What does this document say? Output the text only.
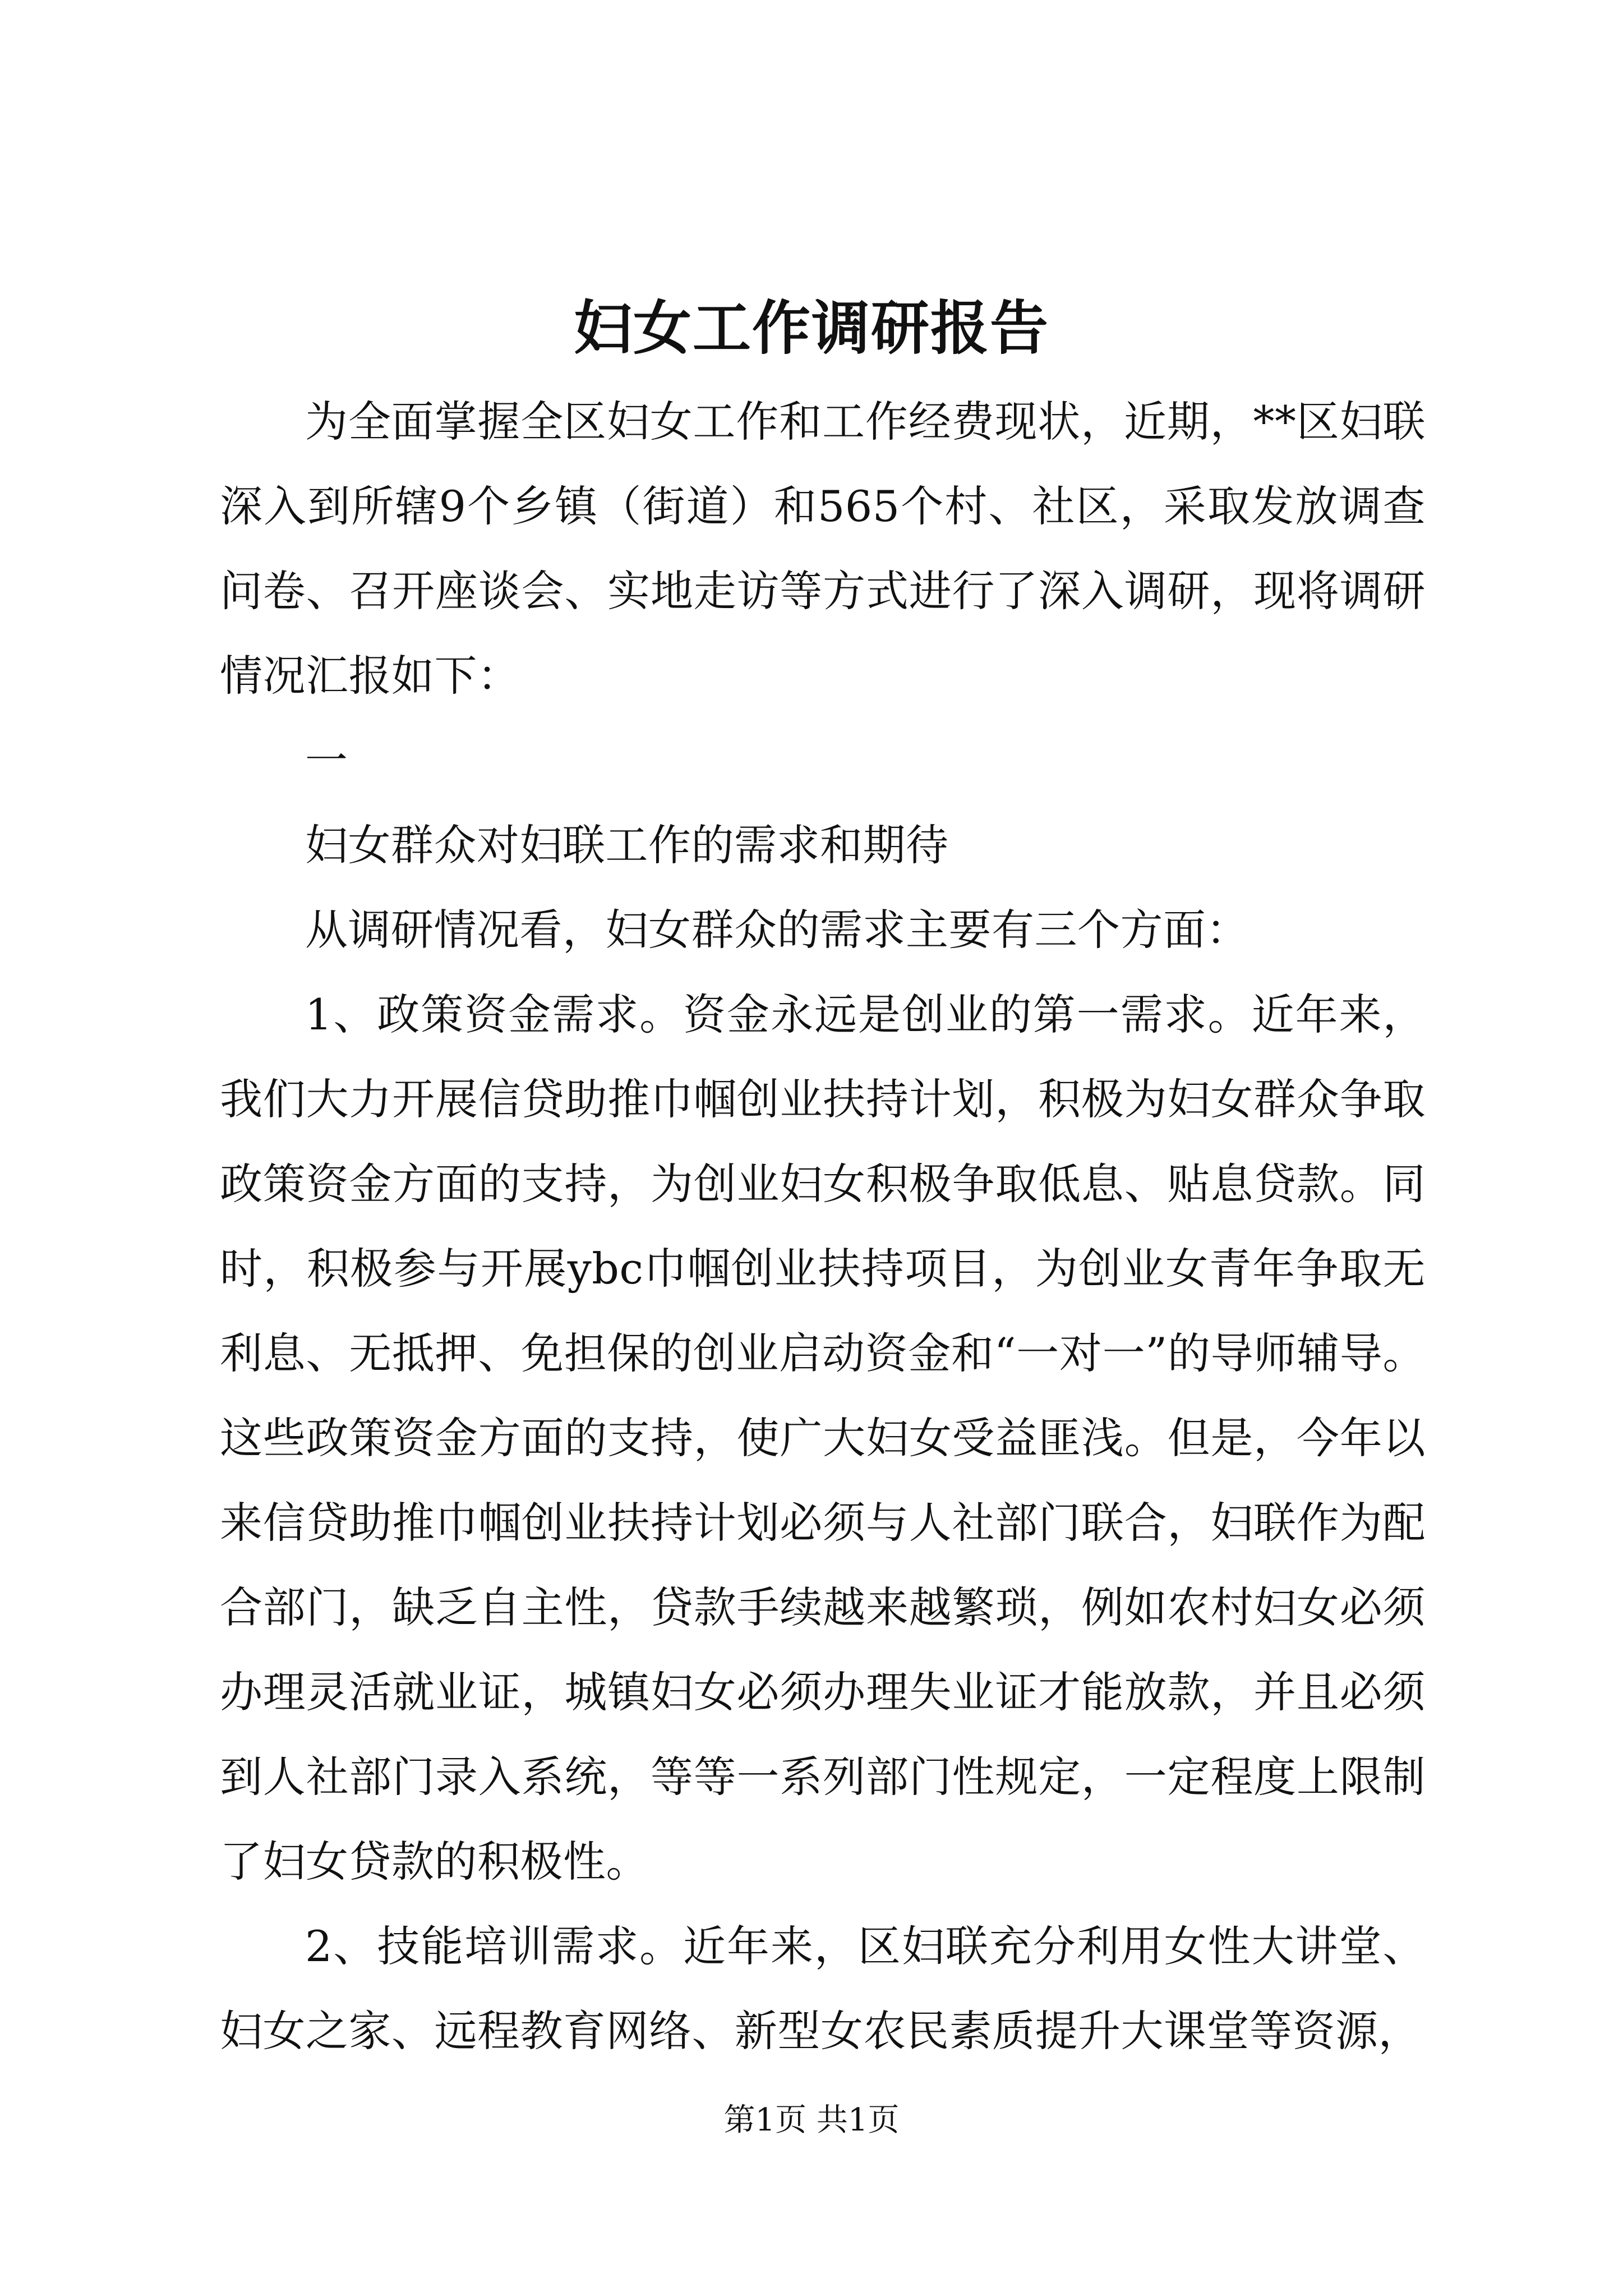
妇女工作调研报告

为全面掌握全区妇女工作和工作经费现状，近期，**区妇联深入到所辖9个乡镇（街道）和565个村、社区，采取发放调查问卷、召开座谈会、实地走访等方式进行了深入调研，现将调研情况汇报如下：

一

妇女群众对妇联工作的需求和期待

从调研情况看，妇女群众的需求主要有三个方面：

1、政策资金需求。资金永远是创业的第一需求。近年来，我们大力开展信贷助推巾帼创业扶持计划，积极为妇女群众争取政策资金方面的支持，为创业妇女积极争取低息、贴息贷款。同时，积极参与开展ybc巾帼创业扶持项目，为创业女青年争取无利息、无抵押、免担保的创业启动资金和“一对一”的导师辅导。这些政策资金方面的支持，使广大妇女受益匪浅。但是，今年以来信贷助推巾帼创业扶持计划必须与人社部门联合，妇联作为配合部门，缺乏自主性，贷款手续越来越繁琐，例如农村妇女必须办理灵活就业证，城镇妇女必须办理失业证才能放款，并且必须到人社部门录入系统，等等一系列部门性规定，一定程度上限制了妇女贷款的积极性。

2、技能培训需求。近年来，区妇联充分利用女性大讲堂、妇女之家、远程教育网络、新型女农民素质提升大课堂等资源，

第1页 共1页
